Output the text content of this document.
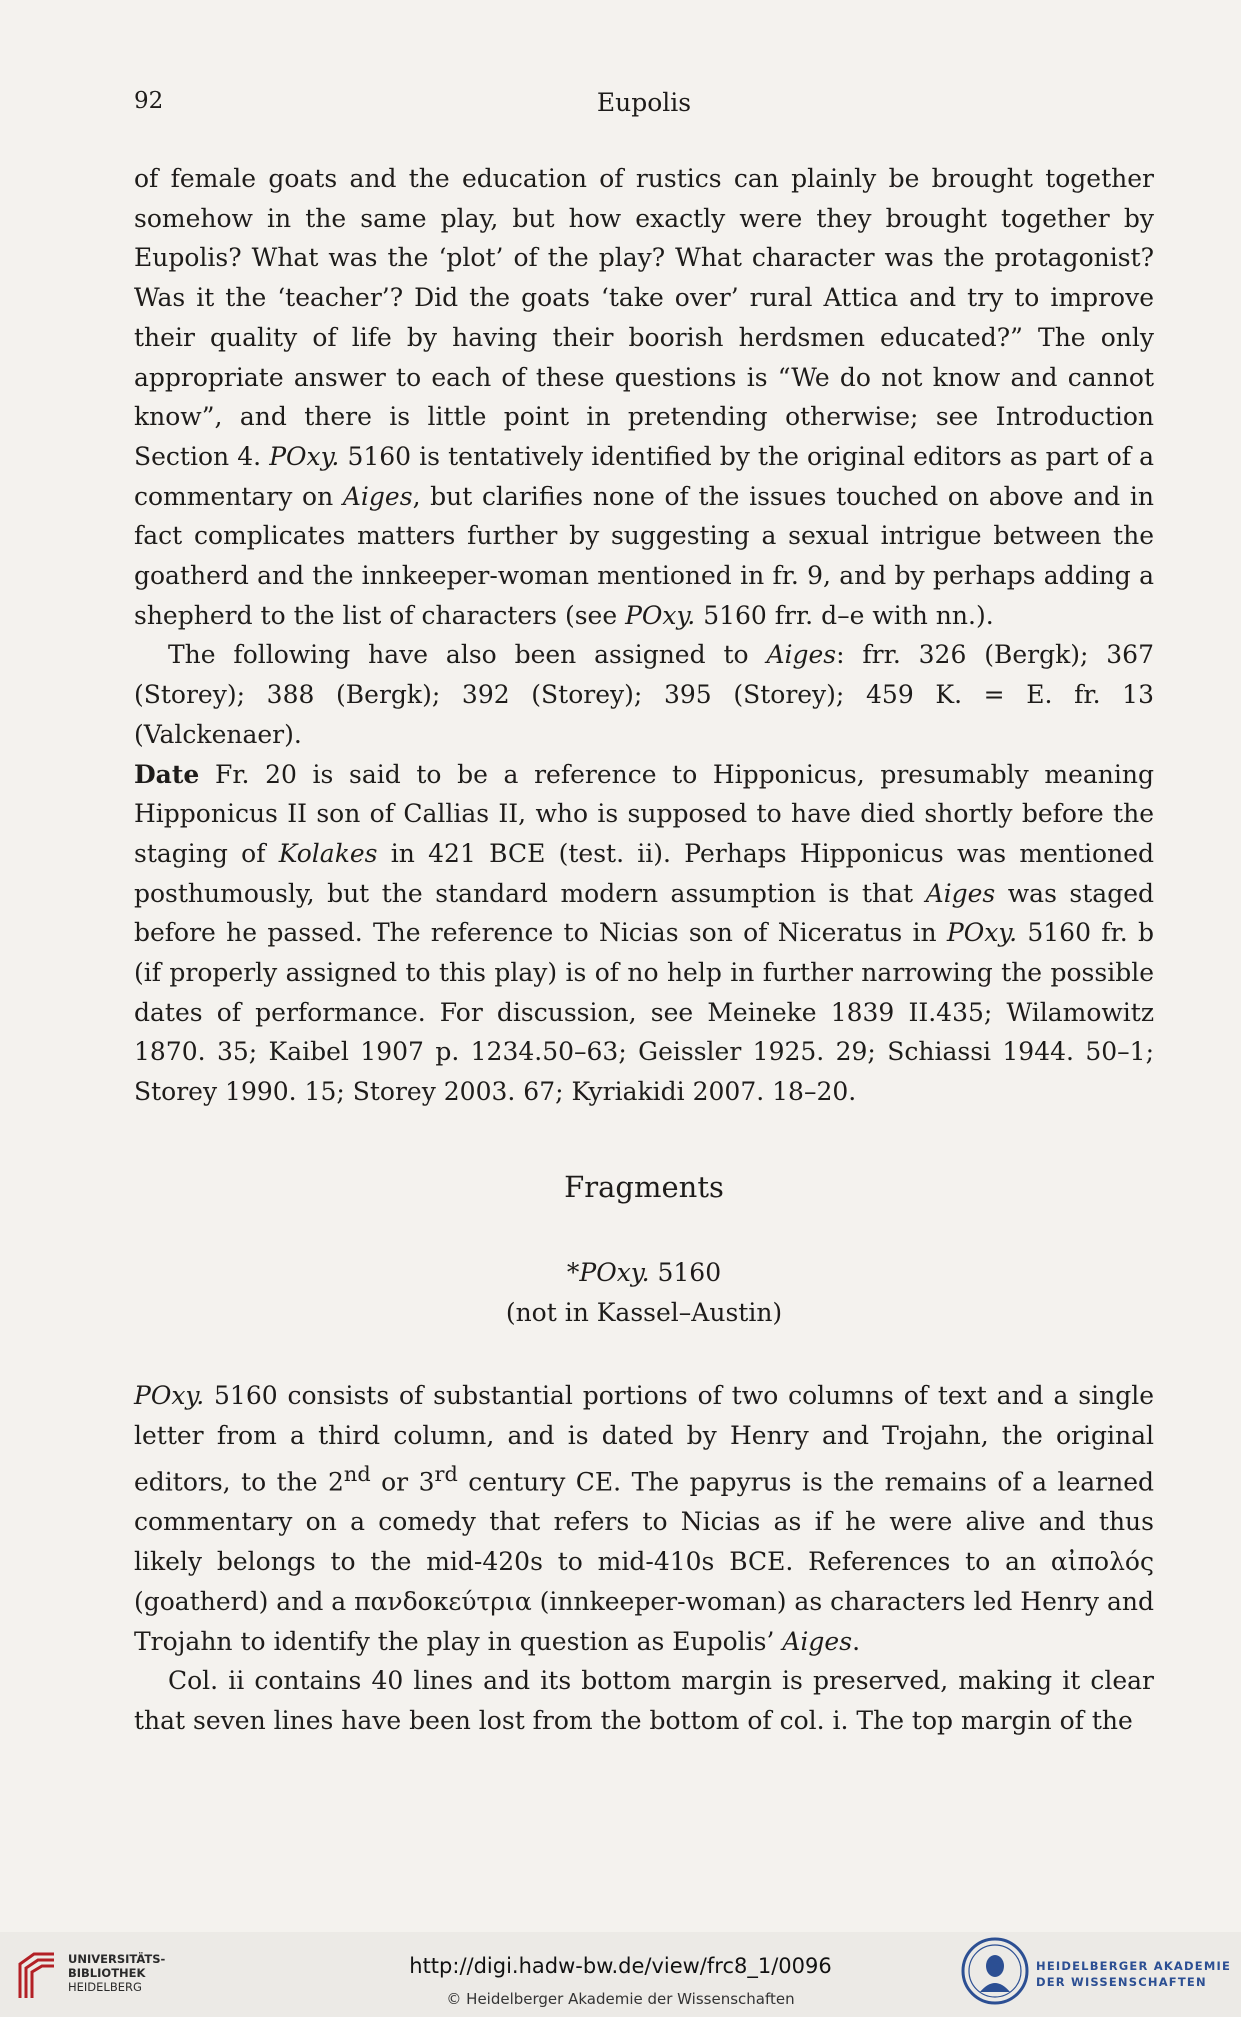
92	Eupolis

of female goats and the education of rustics can plainly be brought together somehow in the same play, but how exactly were they brought together by Eupolis? What was the ‘plot’ of the play? What character was the protagonist? Was it the ‘teacher’? Did the goats ‘take over’ rural Attica and try to improve their quality of life by having their boorish herdsmen educated?” The only appropriate answer to each of these questions is “We do not know and cannot know”, and there is little point in pretending otherwise; see Introduction Section 4. POxy. 5160 is tentatively identified by the original editors as part of a commentary on Aiges, but clarifies none of the issues touched on above and in fact complicates matters further by suggesting a sexual intrigue between the goatherd and the innkeeper-woman mentioned in fr. 9, and by perhaps adding a shepherd to the list of characters (see POxy. 5160 frr. d–e with nn.).

The following have also been assigned to Aiges: frr. 326 (Bergk); 367 (Storey); 388 (Bergk); 392 (Storey); 395 (Storey); 459 K. = E. fr. 13 (Valckenaer).

Date Fr. 20 is said to be a reference to Hipponicus, presumably meaning Hipponicus II son of Callias II, who is supposed to have died shortly before the staging of Kolakes in 421 BCE (test. ii). Perhaps Hipponicus was mentioned posthumously, but the standard modern assumption is that Aiges was staged before he passed. The reference to Nicias son of Niceratus in POxy. 5160 fr. b (if properly assigned to this play) is of no help in further narrowing the possible dates of performance. For discussion, see Meineke 1839 II.435; Wilamowitz 1870. 35; Kaibel 1907 p. 1234.50–63; Geissler 1925. 29; Schiassi 1944. 50–1; Storey 1990. 15; Storey 2003. 67; Kyriakidi 2007. 18–20.

Fragments
*POxy. 5160
(not in Kassel–Austin)

POxy. 5160 consists of substantial portions of two columns of text and a single letter from a third column, and is dated by Henry and Trojahn, the original editors, to the 2nd or 3rd century CE. The papyrus is the remains of a learned commentary on a comedy that refers to Nicias as if he were alive and thus likely belongs to the mid-420s to mid-410s BCE. References to an αἰπολός (goatherd) and a πανδοκεύτρια (innkeeper-woman) as characters led Henry and Trojahn to identify the play in question as Eupolis’ Aiges.

Col. ii contains 40 lines and its bottom margin is preserved, making it clear that seven lines have been lost from the bottom of col. i. The top margin of the

UNIVERSITÄTS-
BIBLIOTHEK
HEIDELBERG
http://digi.hadw-bw.de/view/frc8_1/0096
© Heidelberger Akademie der Wissenschaften
HEIDELBERGER AKADEMIE
DER WISSENSCHAFTEN
